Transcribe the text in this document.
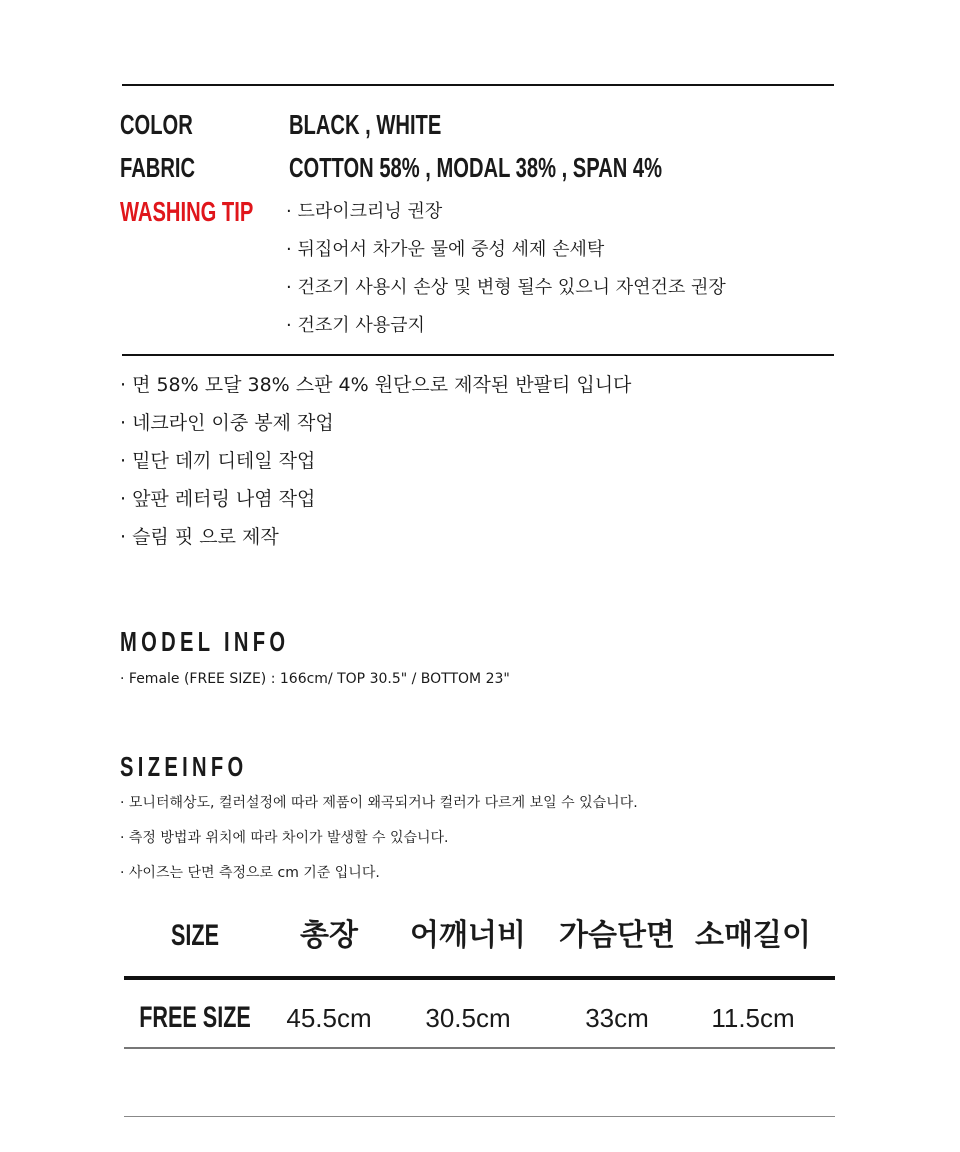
COLOR	BLACK , WHITE
FABRIC	COTTON 58% , MODAL 38% , SPAN 4%
WASHING TIP · 드라이크리닝 권장
· 뒤집어서 차가운 물에 중성 세제 손세탁
· 건조기 사용시 손상 및 변형 될수 있으니 자연건조 권장
· 건조기 사용금지
· 면 58% 모달 38% 스판 4% 원단으로 제작된 반팔티 입니다
· 네크라인 이중 봉제 작업
· 밑단 데끼 디테일 작업
· 앞판 레터링 나염 작업
· 슬림 핏 으로 제작
MODEL INFO
· Female (FREE SIZE) : 166cm/ TOP 30.5" / BOTTOM 23"
SIZEINFO
· 모니터해상도, 컬러설정에 따라 제품이 왜곡되거나 컬러가 다르게 보일 수 있습니다.
· 측정 방법과 위치에 따라 차이가 발생할 수 있습니다.
· 사이즈는 단면 측정으로 cm 기준 입니다.
SIZE	총장 어깨너비 가슴단면 소매길이
FREE SIZE 45.5cm 30.5cm	33cm 11.5cm
